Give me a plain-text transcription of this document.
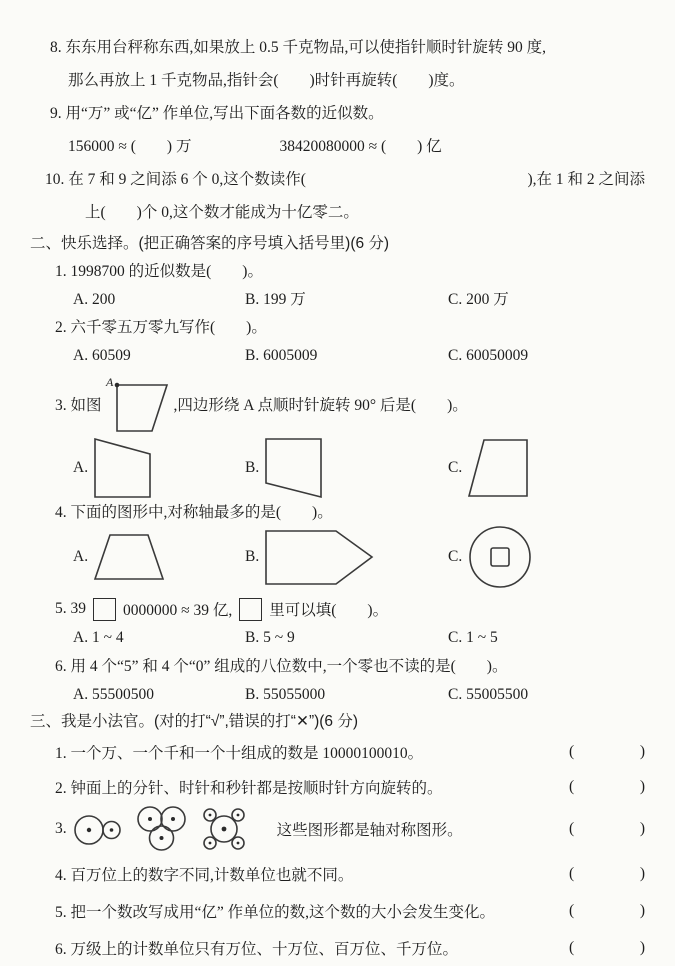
8. 东东用台秤称东西,如果放上 0.5 千克物品,可以使指针顺时针旋转 90 度,
那么再放上 1 千克物品,指针会(        )时针再旋转(        )度。
9. 用“万” 或“亿” 作单位,写出下面各数的近似数。
156000 ≈ (        ) 万	38420080000 ≈ (        ) 亿
10. 在 7 和 9 之间添 6 个 0,这个数读作(	),在 1 和 2 之间添
上(        )个 0,这个数才能成为十亿零二。
二、快乐选择。(把正确答案的序号填入括号里)(6 分)
1. 1998700 的近似数是(        )。
A. 200	B. 199 万	C. 200 万
2. 六千零五万零九写作(        )。
A. 60509	B. 6005009	C. 60050009
3. 如图
A
,四边形绕 A 点顺时针旋转 90° 后是(        )。
A.	B.	C.
4. 下面的图形中,对称轴最多的是(        )。
A.	B.	C.
5. 39 0000000 ≈ 39 亿, 里可以填(        )。
A. 1 ~ 4	B. 5 ~ 9	C. 1 ~ 5
6. 用 4 个“5” 和 4 个“0” 组成的八位数中,一个零也不读的是(        )。
A. 55500500	B. 55055000	C. 55005500
三、我是小法官。(对的打“√”,错误的打“✕”)(6 分)
1. 一个万、一个千和一个十组成的数是 10000100010。	(	)
2. 钟面上的分针、时针和秒针都是按顺时针方向旋转的。	(	)
3.	这些图形都是轴对称图形。	(	)
4. 百万位上的数字不同,计数单位也就不同。	(	)
5. 把一个数改写成用“亿” 作单位的数,这个数的大小会发生变化。	(	)
6. 万级上的计数单位只有万位、十万位、百万位、千万位。	(	)
